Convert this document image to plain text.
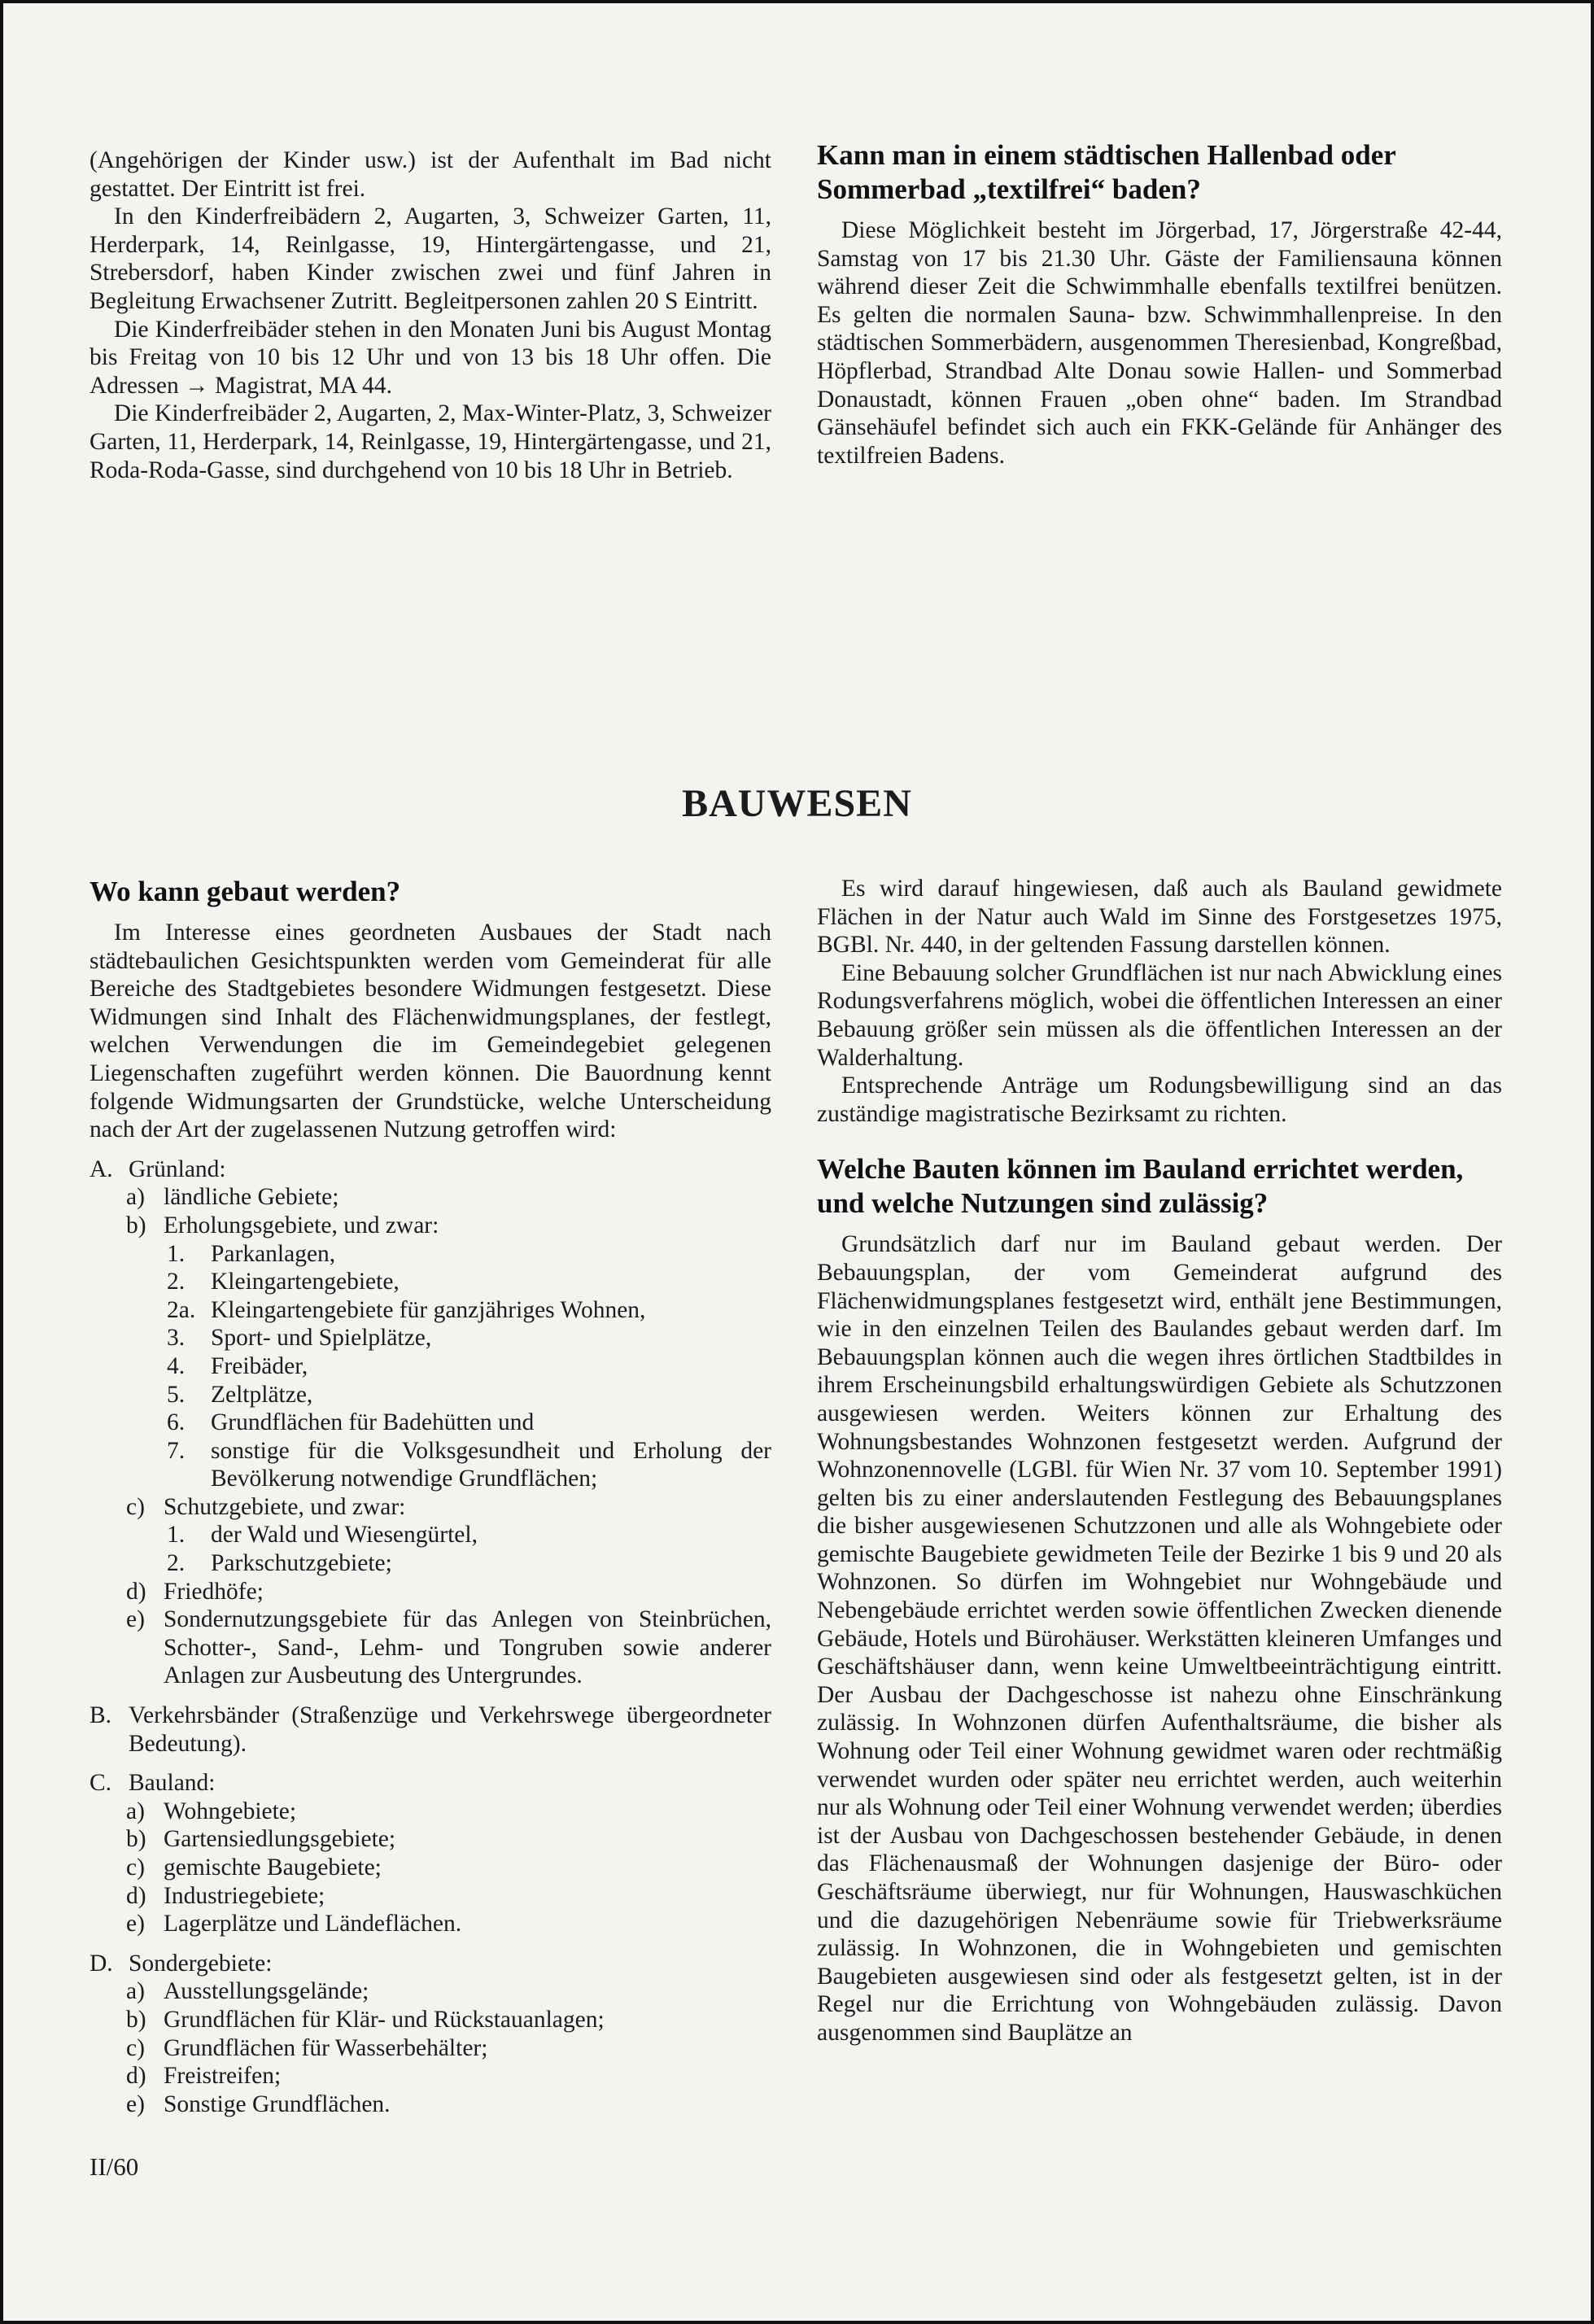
(Angehörigen der Kinder usw.) ist der Aufenthalt im Bad nicht gestattet. Der Eintritt ist frei.

In den Kinderfreibädern 2, Augarten, 3, Schweizer Garten, 11, Herderpark, 14, Reinlgasse, 19, Hintergärtengasse, und 21, Strebersdorf, haben Kinder zwischen zwei und fünf Jahren in Begleitung Erwachsener Zutritt. Begleitpersonen zahlen 20 S Eintritt.

Die Kinderfreibäder stehen in den Monaten Juni bis August Montag bis Freitag von 10 bis 12 Uhr und von 13 bis 18 Uhr offen. Die Adressen → Magistrat, MA 44.

Die Kinderfreibäder 2, Augarten, 2, Max-Winter-Platz, 3, Schweizer Garten, 11, Herderpark, 14, Reinlgasse, 19, Hintergärtengasse, und 21, Roda-Roda-Gasse, sind durchgehend von 10 bis 18 Uhr in Betrieb.

Kann man in einem städtischen Hallenbad oder Sommerbad „textilfrei“ baden?

Diese Möglichkeit besteht im Jörgerbad, 17, Jörgerstraße 42-44, Samstag von 17 bis 21.30 Uhr. Gäste der Familiensauna können während dieser Zeit die Schwimmhalle ebenfalls textilfrei benützen. Es gelten die normalen Sauna- bzw. Schwimmhallenpreise. In den städtischen Sommerbädern, ausgenommen Theresienbad, Kongreßbad, Höpflerbad, Strandbad Alte Donau sowie Hallen- und Sommerbad Donaustadt, können Frauen „oben ohne“ baden. Im Strandbad Gänsehäufel befindet sich auch ein FKK-Gelände für Anhänger des textilfreien Badens.

BAUWESEN
Wo kann gebaut werden?

Im Interesse eines geordneten Ausbaues der Stadt nach städtebaulichen Gesichtspunkten werden vom Gemeinderat für alle Bereiche des Stadtgebietes besondere Widmungen festgesetzt. Diese Widmungen sind Inhalt des Flächenwidmungsplanes, der festlegt, welchen Verwendungen die im Gemeindegebiet gelegenen Liegenschaften zugeführt werden können. Die Bauordnung kennt folgende Widmungsarten der Grundstücke, welche Unterscheidung nach der Art der zugelassenen Nutzung getroffen wird:

A. Grünland:
a) ländliche Gebiete;
b) Erholungsgebiete, und zwar:
1.	Parkanlagen,
2.	Kleingartengebiete,
2a. Kleingartengebiete für ganzjähriges Wohnen,
3.	Sport- und Spielplätze,
4.	Freibäder,
5.	Zeltplätze,
6.	Grundflächen für Badehütten und
7.	sonstige für die Volksgesundheit und Erholung der Bevölkerung notwendige Grundflächen;
c) Schutzgebiete, und zwar:
1.	der Wald und Wiesengürtel,
2.	Parkschutzgebiete;
d) Friedhöfe;
e) Sondernutzungsgebiete für das Anlegen von Steinbrüchen, Schotter-, Sand-, Lehm- und Tongruben sowie anderer Anlagen zur Ausbeutung des Untergrundes.
B. Verkehrsbänder (Straßenzüge und Verkehrswege übergeordneter Bedeutung).
C. Bauland:
a) Wohngebiete;
b) Gartensiedlungsgebiete;
c) gemischte Baugebiete;
d) Industriegebiete;
e) Lagerplätze und Ländeflächen.
D. Sondergebiete:
a) Ausstellungsgelände;
b) Grundflächen für Klär- und Rückstauanlagen;
c) Grundflächen für Wasserbehälter;
d) Freistreifen;
e) Sonstige Grundflächen.

Es wird darauf hingewiesen, daß auch als Bauland gewidmete Flächen in der Natur auch Wald im Sinne des Forstgesetzes 1975, BGBl. Nr. 440, in der geltenden Fassung darstellen können.

Eine Bebauung solcher Grundflächen ist nur nach Abwicklung eines Rodungsverfahrens möglich, wobei die öffentlichen Interessen an einer Bebauung größer sein müssen als die öffentlichen Interessen an der Walderhaltung.

Entsprechende Anträge um Rodungsbewilligung sind an das zuständige magistratische Bezirksamt zu richten.

Welche Bauten können im Bauland errichtet werden, und welche Nutzungen sind zulässig?

Grundsätzlich darf nur im Bauland gebaut werden. Der Bebauungsplan, der vom Gemeinderat aufgrund des Flächenwidmungsplanes festgesetzt wird, enthält jene Bestimmungen, wie in den einzelnen Teilen des Baulandes gebaut werden darf. Im Bebauungsplan können auch die wegen ihres örtlichen Stadtbildes in ihrem Erscheinungsbild erhaltungswürdigen Gebiete als Schutzzonen ausgewiesen werden. Weiters können zur Erhaltung des Wohnungsbestandes Wohnzonen festgesetzt werden. Aufgrund der Wohnzonennovelle (LGBl. für Wien Nr. 37 vom 10. September 1991) gelten bis zu einer anderslautenden Festlegung des Bebauungsplanes die bisher ausgewiesenen Schutzzonen und alle als Wohngebiete oder gemischte Baugebiete gewidmeten Teile der Bezirke 1 bis 9 und 20 als Wohnzonen. So dürfen im Wohngebiet nur Wohngebäude und Nebengebäude errichtet werden sowie öffentlichen Zwecken dienende Gebäude, Hotels und Bürohäuser. Werkstätten kleineren Umfanges und Geschäftshäuser dann, wenn keine Umweltbeeinträchtigung eintritt. Der Ausbau der Dachgeschosse ist nahezu ohne Einschränkung zulässig. In Wohnzonen dürfen Aufenthaltsräume, die bisher als Wohnung oder Teil einer Wohnung gewidmet waren oder rechtmäßig verwendet wurden oder später neu errichtet werden, auch weiterhin nur als Wohnung oder Teil einer Wohnung verwendet werden; überdies ist der Ausbau von Dachgeschossen bestehender Gebäude, in denen das Flächenausmaß der Wohnungen dasjenige der Büro- oder Geschäftsräume überwiegt, nur für Wohnungen, Hauswaschküchen und die dazugehörigen Nebenräume sowie für Triebwerksräume zulässig. In Wohnzonen, die in Wohngebieten und gemischten Baugebieten ausgewiesen sind oder als festgesetzt gelten, ist in der Regel nur die Errichtung von Wohngebäuden zulässig. Davon ausgenommen sind Bauplätze an

II/60
